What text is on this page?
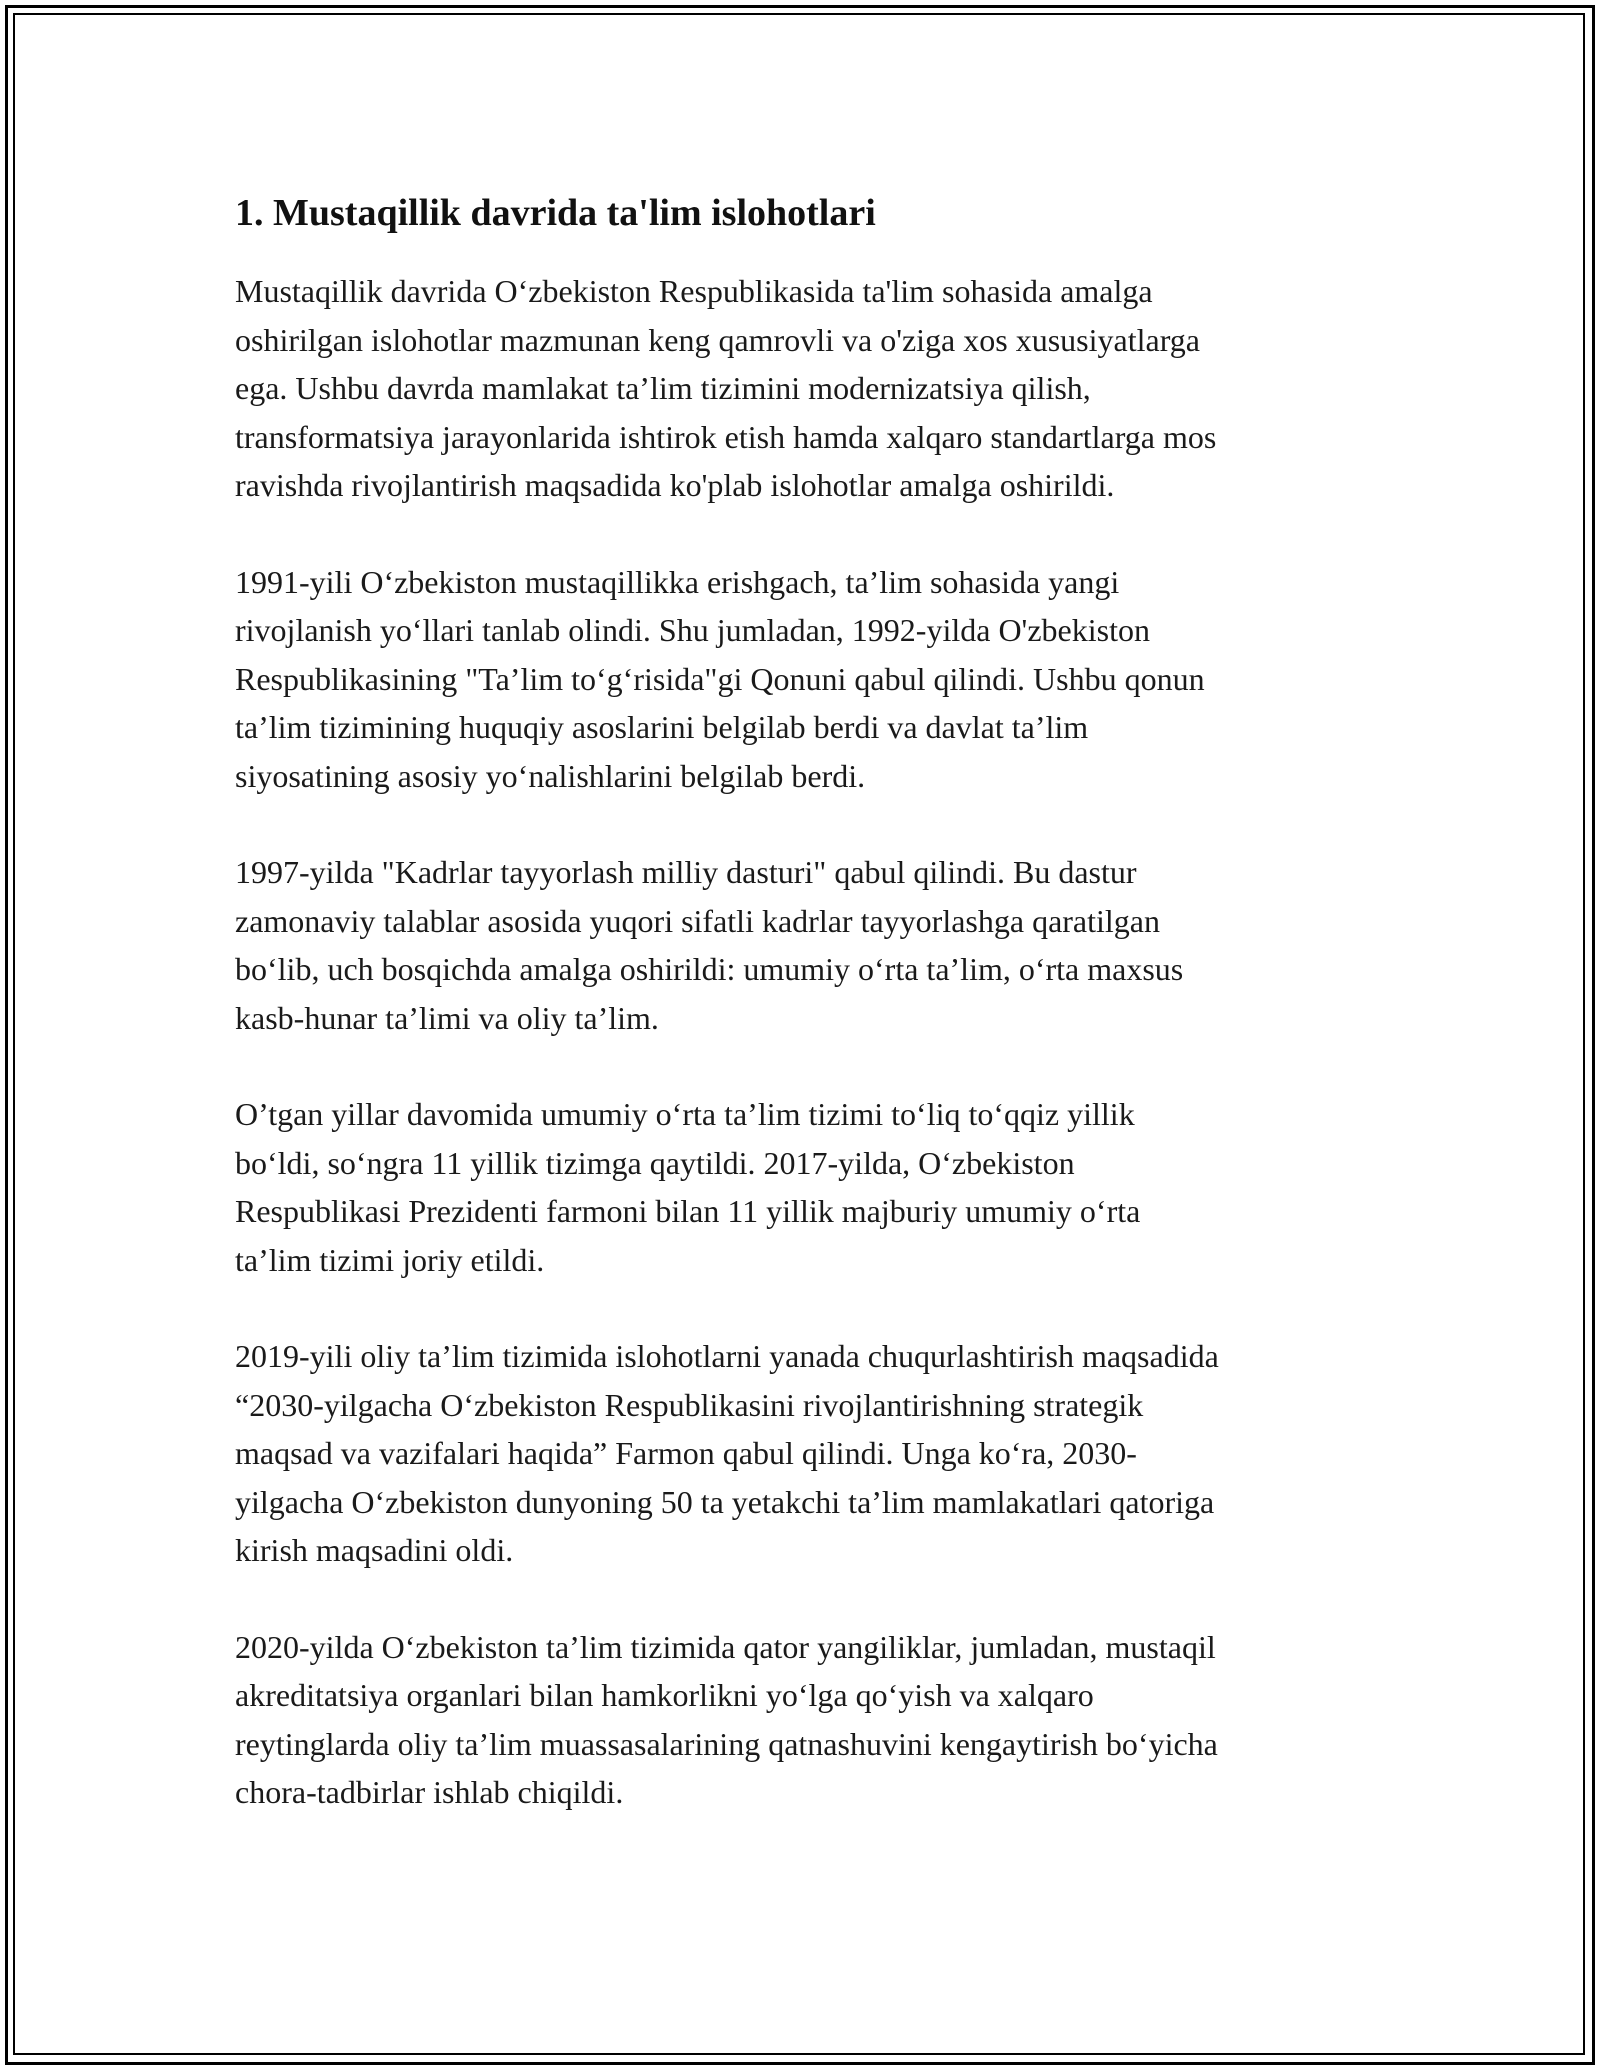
1. Mustaqillik davrida ta'lim islohotlari

Mustaqillik davrida O‘zbekiston Respublikasida ta'lim sohasida amalga
oshirilgan islohotlar mazmunan keng qamrovli va o'ziga xos xususiyatlarga
ega. Ushbu davrda mamlakat ta’lim tizimini modernizatsiya qilish,
transformatsiya jarayonlarida ishtirok etish hamda xalqaro standartlarga mos
ravishda rivojlantirish maqsadida ko'plab islohotlar amalga oshirildi.

1991-yili O‘zbekiston mustaqillikka erishgach, ta’lim sohasida yangi
rivojlanish yo‘llari tanlab olindi. Shu jumladan, 1992-yilda O'zbekiston
Respublikasining "Ta’lim to‘g‘risida"gi Qonuni qabul qilindi. Ushbu qonun
ta’lim tizimining huquqiy asoslarini belgilab berdi va davlat ta’lim
siyosatining asosiy yo‘nalishlarini belgilab berdi.

1997-yilda "Kadrlar tayyorlash milliy dasturi" qabul qilindi. Bu dastur
zamonaviy talablar asosida yuqori sifatli kadrlar tayyorlashga qaratilgan
bo‘lib, uch bosqichda amalga oshirildi: umumiy o‘rta ta’lim, o‘rta maxsus
kasb-hunar ta’limi va oliy ta’lim.

O’tgan yillar davomida umumiy o‘rta ta’lim tizimi to‘liq to‘qqiz yillik
bo‘ldi, so‘ngra 11 yillik tizimga qaytildi. 2017-yilda, O‘zbekiston
Respublikasi Prezidenti farmoni bilan 11 yillik majburiy umumiy o‘rta
ta’lim tizimi joriy etildi.

2019-yili oliy ta’lim tizimida islohotlarni yanada chuqurlashtirish maqsadida
“2030-yilgacha O‘zbekiston Respublikasini rivojlantirishning strategik
maqsad va vazifalari haqida” Farmon qabul qilindi. Unga ko‘ra, 2030-
yilgacha O‘zbekiston dunyoning 50 ta yetakchi ta’lim mamlakatlari qatoriga
kirish maqsadini oldi.

2020-yilda O‘zbekiston ta’lim tizimida qator yangiliklar, jumladan, mustaqil
akreditatsiya organlari bilan hamkorlikni yo‘lga qo‘yish va xalqaro
reytinglarda oliy ta’lim muassasalarining qatnashuvini kengaytirish bo‘yicha
chora-tadbirlar ishlab chiqildi.
